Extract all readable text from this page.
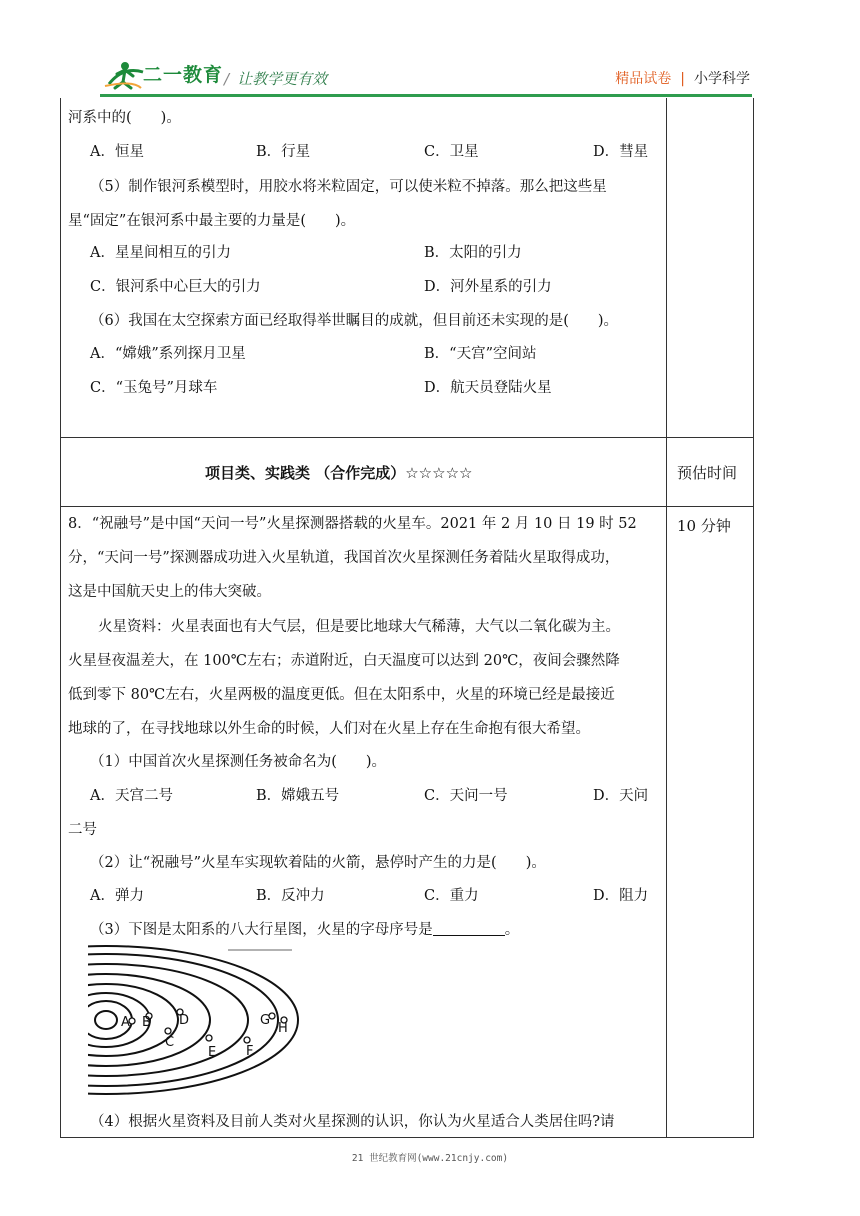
二一教育 / 让教学更有效	精品试卷 | 小学科学
河系中的(　　)。
A．恒星	B．行星	C．卫星	D．彗星
（5）制作银河系模型时，用胶水将米粒固定，可以使米粒不掉落。那么把这些星
星“固定”在银河系中最主要的力量是(　　)。
A．星星间相互的引力	B．太阳的引力
C．银河系中心巨大的引力	D．河外星系的引力
（6）我国在太空探索方面已经取得举世瞩目的成就，但目前还未实现的是(　　)。
A．“嫦娥”系列探月卫星	B．“天宫”空间站
C．“玉兔号”月球车	D．航天员登陆火星
项目类、实践类 （合作完成）☆☆☆☆☆	预估时间
10 分钟
8．“祝融号”是中国“天问一号”火星探测器搭载的火星车。2021 年 2 月 10 日 19 时 52
分，“天问一号”探测器成功进入火星轨道，我国首次火星探测任务着陆火星取得成功，
这是中国航天史上的伟大突破。
火星资料：火星表面也有大气层，但是要比地球大气稀薄，大气以二氧化碳为主。
火星昼夜温差大，在 100℃左右；赤道附近，白天温度可以达到 20℃，夜间会骤然降
低到零下 80℃左右，火星两极的温度更低。但在太阳系中，火星的环境已经是最接近
地球的了，在寻找地球以外生命的时候，人们对在火星上存在生命抱有很大希望。
（1）中国首次火星探测任务被命名为(　　)。
A．天宫二号	B．嫦娥五号	C．天问一号	D．天问
二号
（2）让“祝融号”火星车实现软着陆的火箭，悬停时产生的力是(　　)。
A．弹力	B．反冲力	C．重力	D．阻力
（3）下图是太阳系的八大行星图，火星的字母序号是	。
A B
C
D
E F
G
H
（4）根据火星资料及目前人类对火星探测的认识，你认为火星适合人类居住吗?请
21 世纪教育网(www.21cnjy.com)
